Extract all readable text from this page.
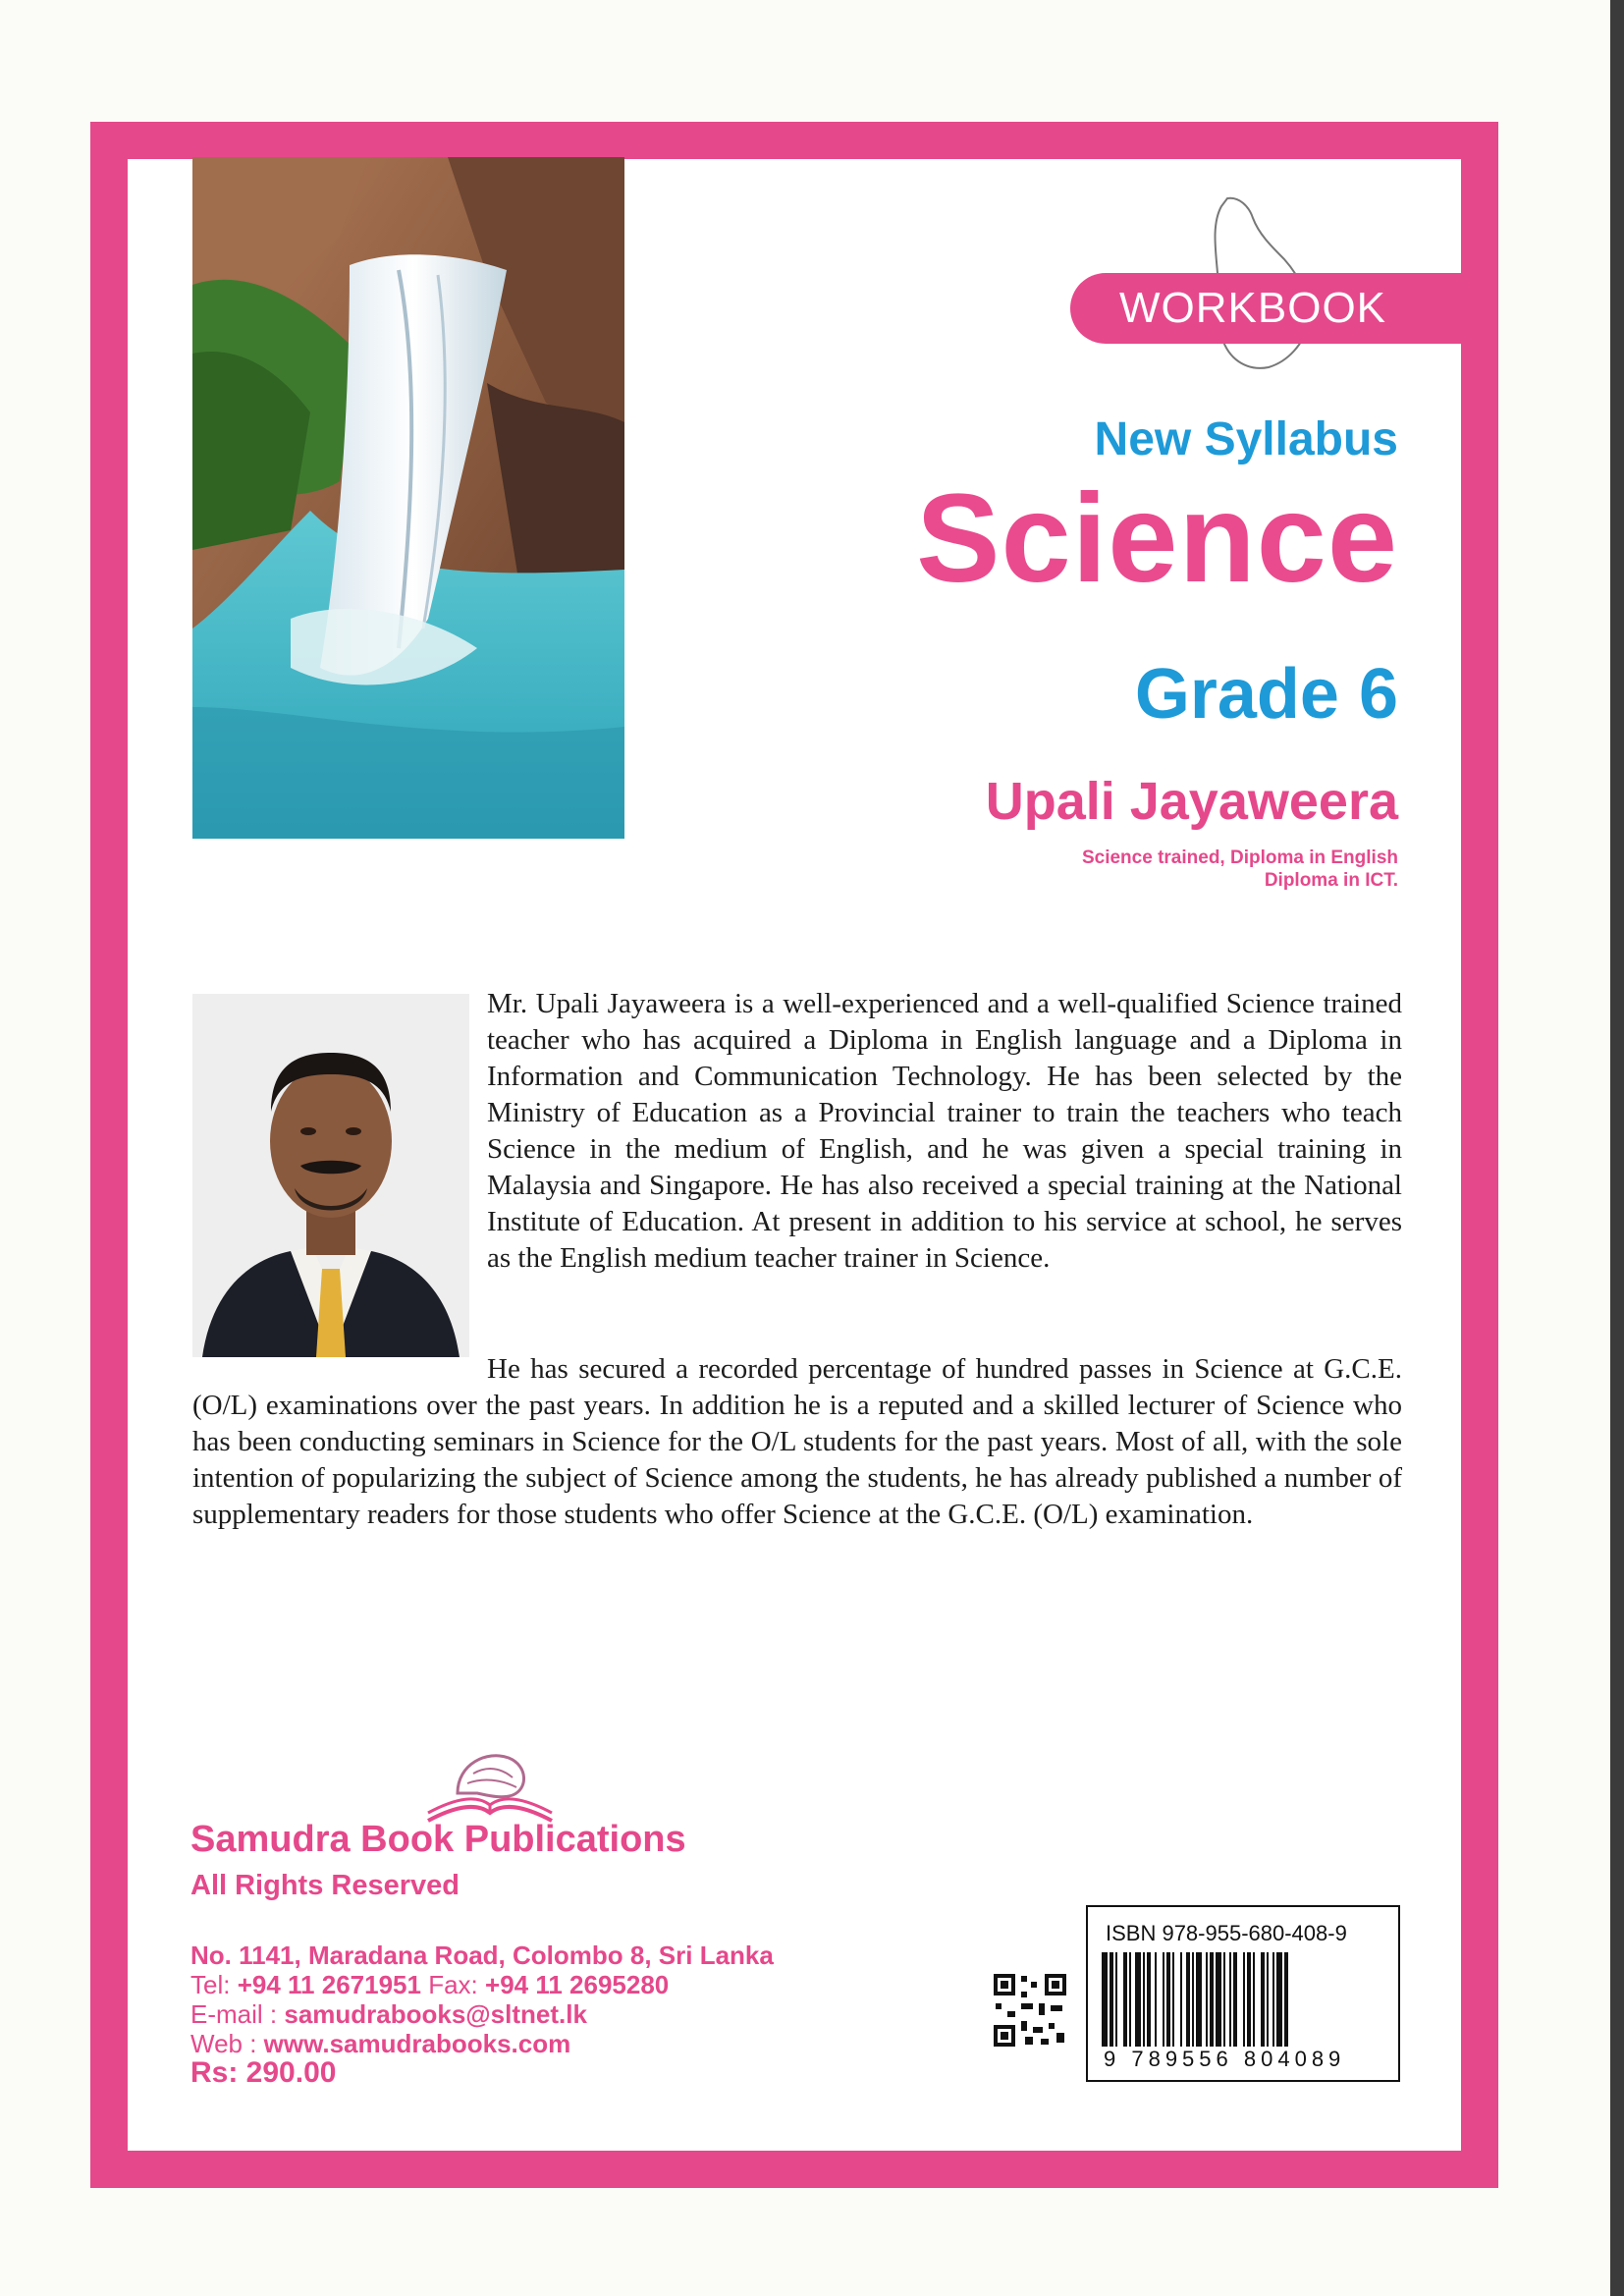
WORKBOOK
New Syllabus
Science
Grade 6
Upali Jayaweera
Science trained, Diploma in English
Diploma in ICT.

Mr. Upali Jayaweera is a well-experienced and a well-qualified Science trained teacher who has acquired a Diploma in English language and a Diploma in Information and Communication Technology. He has been selected by the Ministry of Education as a Provincial trainer to train the teachers who teach Science in the medium of English, and he was given a special training in Malaysia and Singapore. He has also received a special training at the National Institute of Education. At present in addition to his service at school, he serves as the English medium teacher trainer in Science.

He has secured a recorded percentage of hundred passes in Science at G.C.E. (O/L) examinations over the past years. In addition he is a reputed and a skilled lecturer of Science who has been conducting seminars in Science for the O/L students for the past years. Most of all, with the sole intention of popularizing the subject of Science among the students, he has already published a number of supplementary readers for those students who offer Science at the G.C.E. (O/L) examination.

Samudra Book Publications
All Rights Reserved
No. 1141, Maradana Road, Colombo 8, Sri Lanka
Tel: +94 11 2671951 Fax: +94 11 2695280
E-mail : samudrabooks@sltnet.lk
Web : www.samudrabooks.com
Rs: 290.00
ISBN 978-955-680-408-9
9 789556 804089
